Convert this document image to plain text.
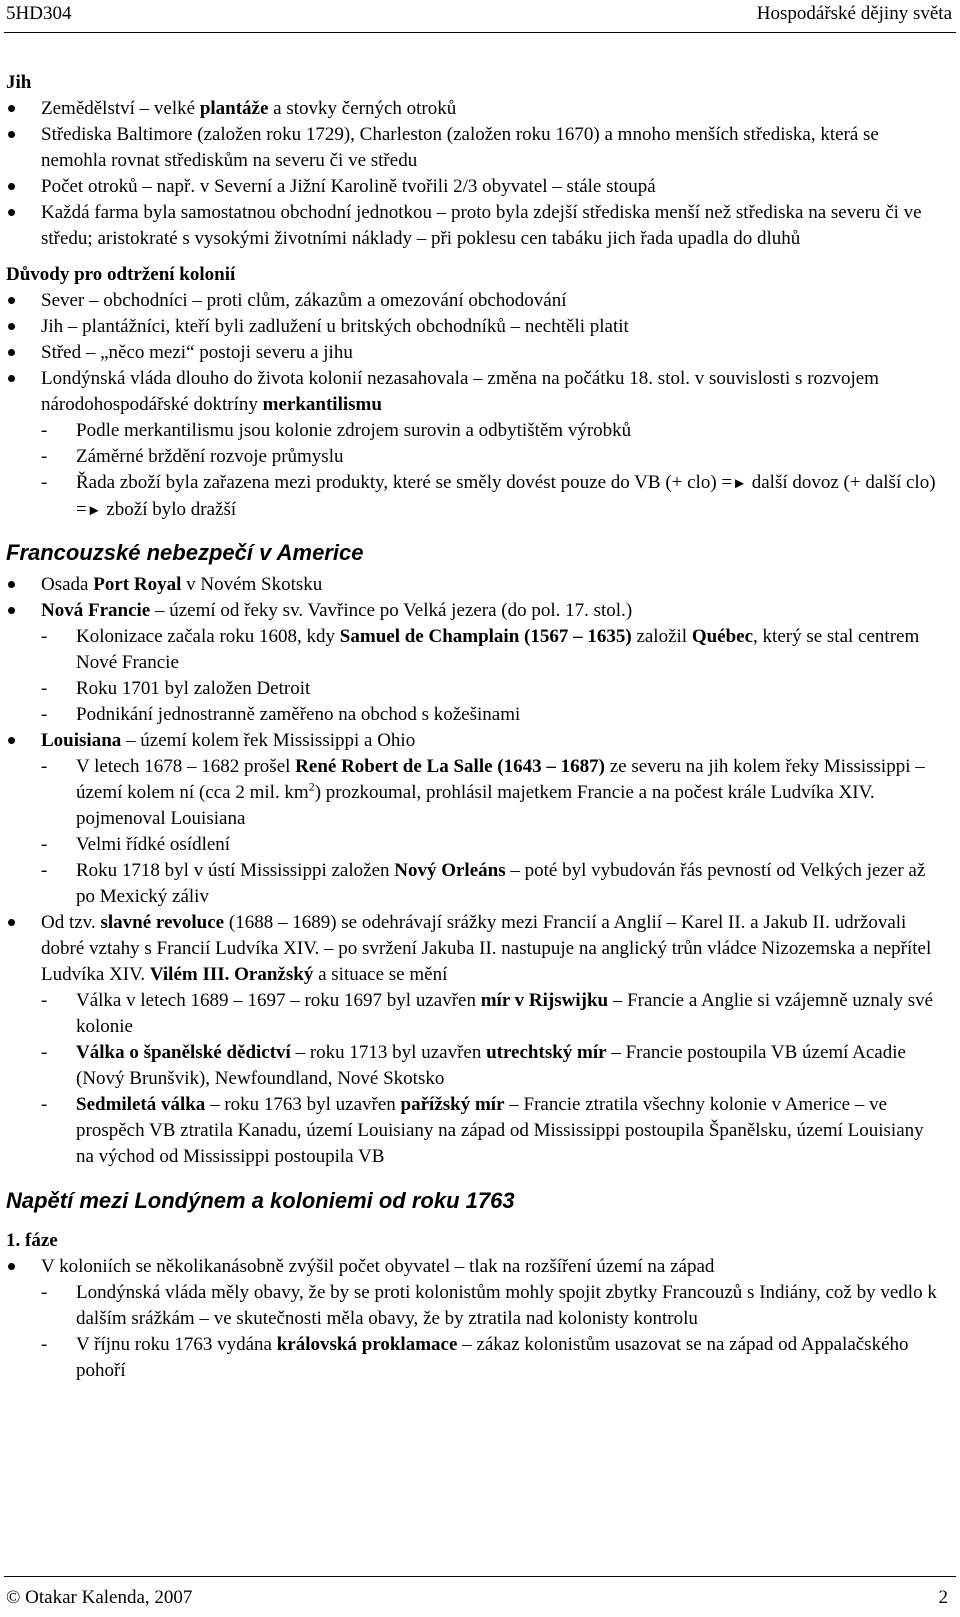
5HD304	Hospodářské dějiny světa

Jih

Zemědělství – velké plantáže a stovky černých otroků
Střediska Baltimore (založen roku 1729), Charleston (založen roku 1670) a mnoho menších střediska, která se nemohla rovnat střediskům na severu či ve středu
Počet otroků – např. v Severní a Jižní Karolině tvořili 2/3 obyvatel – stále stoupá
Každá farma byla samostatnou obchodní jednotkou – proto byla zdejší střediska menší než střediska na severu či ve středu; aristokraté s vysokými životními náklady – při poklesu cen tabáku jich řada upadla do dluhů

Důvody pro odtržení kolonií

Sever – obchodníci – proti clům, zákazům a omezování obchodování
Jih – plantážníci, kteří byli zadlužení u britských obchodníků – nechtěli platit
Střed – „něco mezi“ postoji severu a jihu
Londýnská vláda dlouho do života kolonií nezasahovala – změna na počátku 18. stol. v souvislosti s rozvojem národohospodářské doktríny merkantilismu
- Podle merkantilismu jsou kolonie zdrojem surovin a odbytištěm výrobků
- Záměrné brždění rozvoje průmyslu
- Řada zboží byla zařazena mezi produkty, které se směly dovést pouze do VB (+ clo) =► další dovoz (+ další clo) =► zboží bylo dražší

Francouzské nebezpečí v Americe

Osada Port Royal v Novém Skotsku
Nová Francie – území od řeky sv. Vavřince po Velká jezera (do pol. 17. stol.)
- Kolonizace začala roku 1608, kdy Samuel de Champlain (1567 – 1635) založil Québec, který se stal centrem Nové Francie
- Roku 1701 byl založen Detroit
- Podnikání jednostranně zaměřeno na obchod s kožešinami
Louisiana – území kolem řek Mississippi a Ohio
- V letech 1678 – 1682 prošel René Robert de La Salle (1643 – 1687) ze severu na jih kolem řeky Mississippi – území kolem ní (cca 2 mil. $km^2$) prozkoumal, prohlásil majetkem Francie a na počest krále Ludvíka XIV. pojmenoval Louisiana
- Velmi řídké osídlení
- Roku 1718 byl v ústí Mississippi založen Nový Orleáns – poté byl vybudován řás pevností od Velkých jezer až po Mexický záliv
Od tzv. slavné revoluce (1688 – 1689) se odehrávají srážky mezi Francií a Anglií – Karel II. a Jakub II. udržovali dobré vztahy s Francií Ludvíka XIV. – po svržení Jakuba II. nastupuje na anglický trůn vládce Nizozemska a nepřítel Ludvíka XIV. Vilém III. Oranžský a situace se mění
- Válka v letech 1689 – 1697 – roku 1697 byl uzavřen mír v Rijswijku – Francie a Anglie si vzájemně uznaly své kolonie
- Válka o španělské dědictví – roku 1713 byl uzavřen utrechtský mír – Francie postoupila VB území Acadie (Nový Brunšvik), Newfoundland, Nové Skotsko
- Sedmiletá válka – roku 1763 byl uzavřen pařížský mír – Francie ztratila všechny kolonie v Americe – ve prospěch VB ztratila Kanadu, území Louisiany na západ od Mississippi postoupila Španělsku, území Louisiany na východ od Mississippi postoupila VB

Napětí mezi Londýnem a koloniemi od roku 1763

1. fáze

V koloniích se několikanásobně zvýšil počet obyvatel – tlak na rozšíření území na západ
- Londýnská vláda měly obavy, že by se proti kolonistům mohly spojit zbytky Francouzů s Indiány, což by vedlo k dalším srážkám – ve skutečnosti měla obavy, že by ztratila nad kolonisty kontrolu
- V říjnu roku 1763 vydána královská proklamace – zákaz kolonistům usazovat se na západ od Appalačského pohoří
© Otakar Kalenda, 2007	2
